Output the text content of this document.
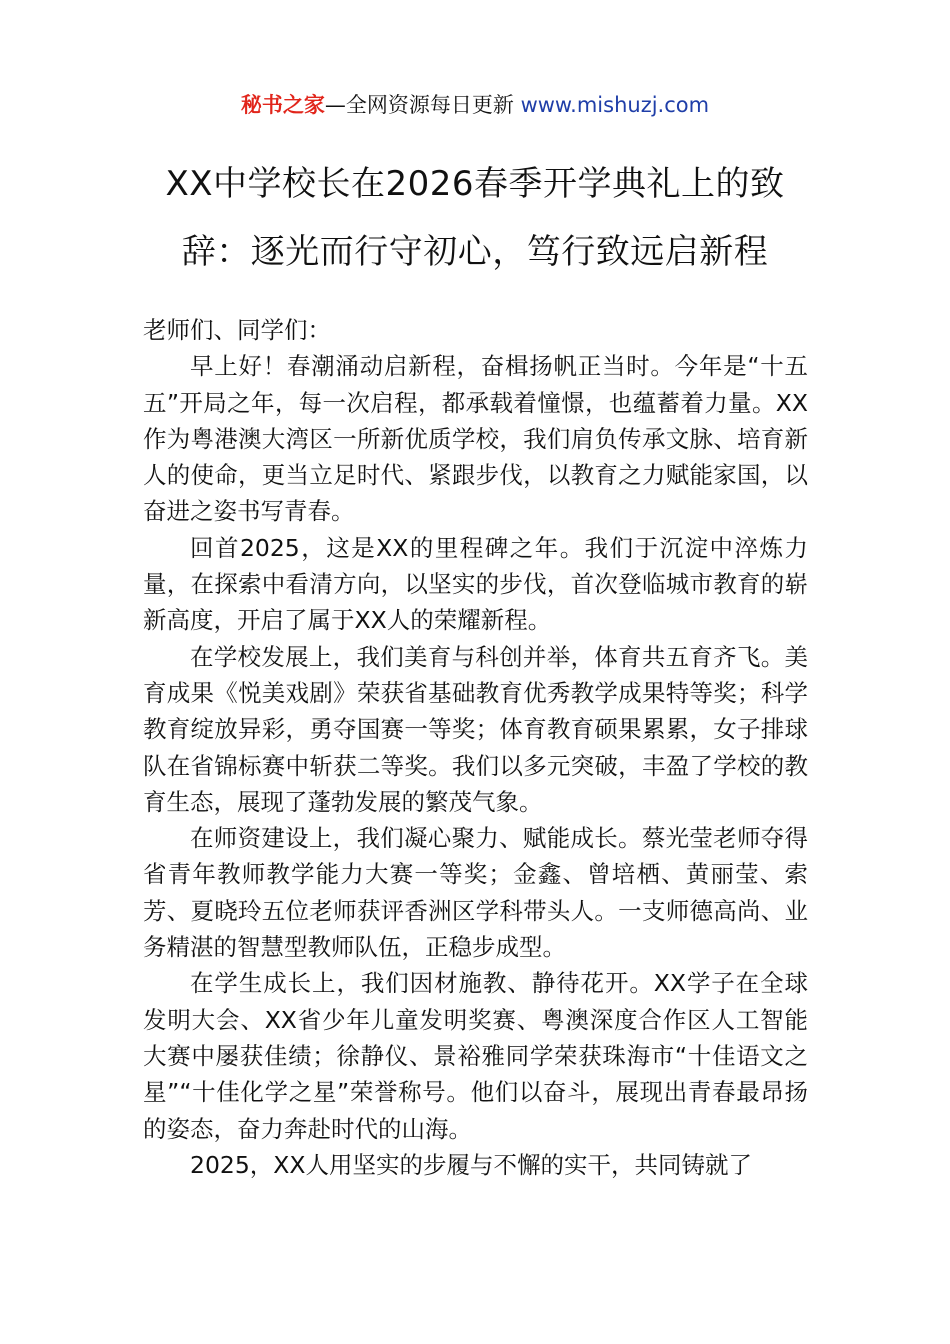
秘书之家—全网资源每日更新 www.mishuzj.com
XX中学校长在2026春季开学典礼上的致辞：逐光而行守初心，笃行致远启新程

老师们、同学们：

早上好！春潮涌动启新程，奋楫扬帆正当时。今年是“十五五”开局之年，每一次启程，都承载着憧憬，也蕴蓄着力量。XX作为粤港澳大湾区一所新优质学校，我们肩负传承文脉、培育新人的使命，更当立足时代、紧跟步伐，以教育之力赋能家国，以奋进之姿书写青春。

回首2025，这是XX的里程碑之年。我们于沉淀中淬炼力量，在探索中看清方向，以坚实的步伐，首次登临城市教育的崭新高度，开启了属于XX人的荣耀新程。

在学校发展上，我们美育与科创并举，体育共五育齐飞。美育成果《悦美戏剧》荣获省基础教育优秀教学成果特等奖；科学教育绽放异彩，勇夺国赛一等奖；体育教育硕果累累，女子排球队在省锦标赛中斩获二等奖。我们以多元突破，丰盈了学校的教育生态，展现了蓬勃发展的繁茂气象。

在师资建设上，我们凝心聚力、赋能成长。蔡光莹老师夺得省青年教师教学能力大赛一等奖；金鑫、曾培栖、黄丽莹、索芳、夏晓玲五位老师获评香洲区学科带头人。一支师德高尚、业务精湛的智慧型教师队伍，正稳步成型。

在学生成长上，我们因材施教、静待花开。XX学子在全球发明大会、XX省少年儿童发明奖赛、粤澳深度合作区人工智能大赛中屡获佳绩；徐静仪、景裕雅同学荣获珠海市“十佳语文之星”“十佳化学之星”荣誉称号。他们以奋斗，展现出青春最昂扬的姿态，奋力奔赴时代的山海。

2025，XX人用坚实的步履与不懈的实干，共同铸就了
